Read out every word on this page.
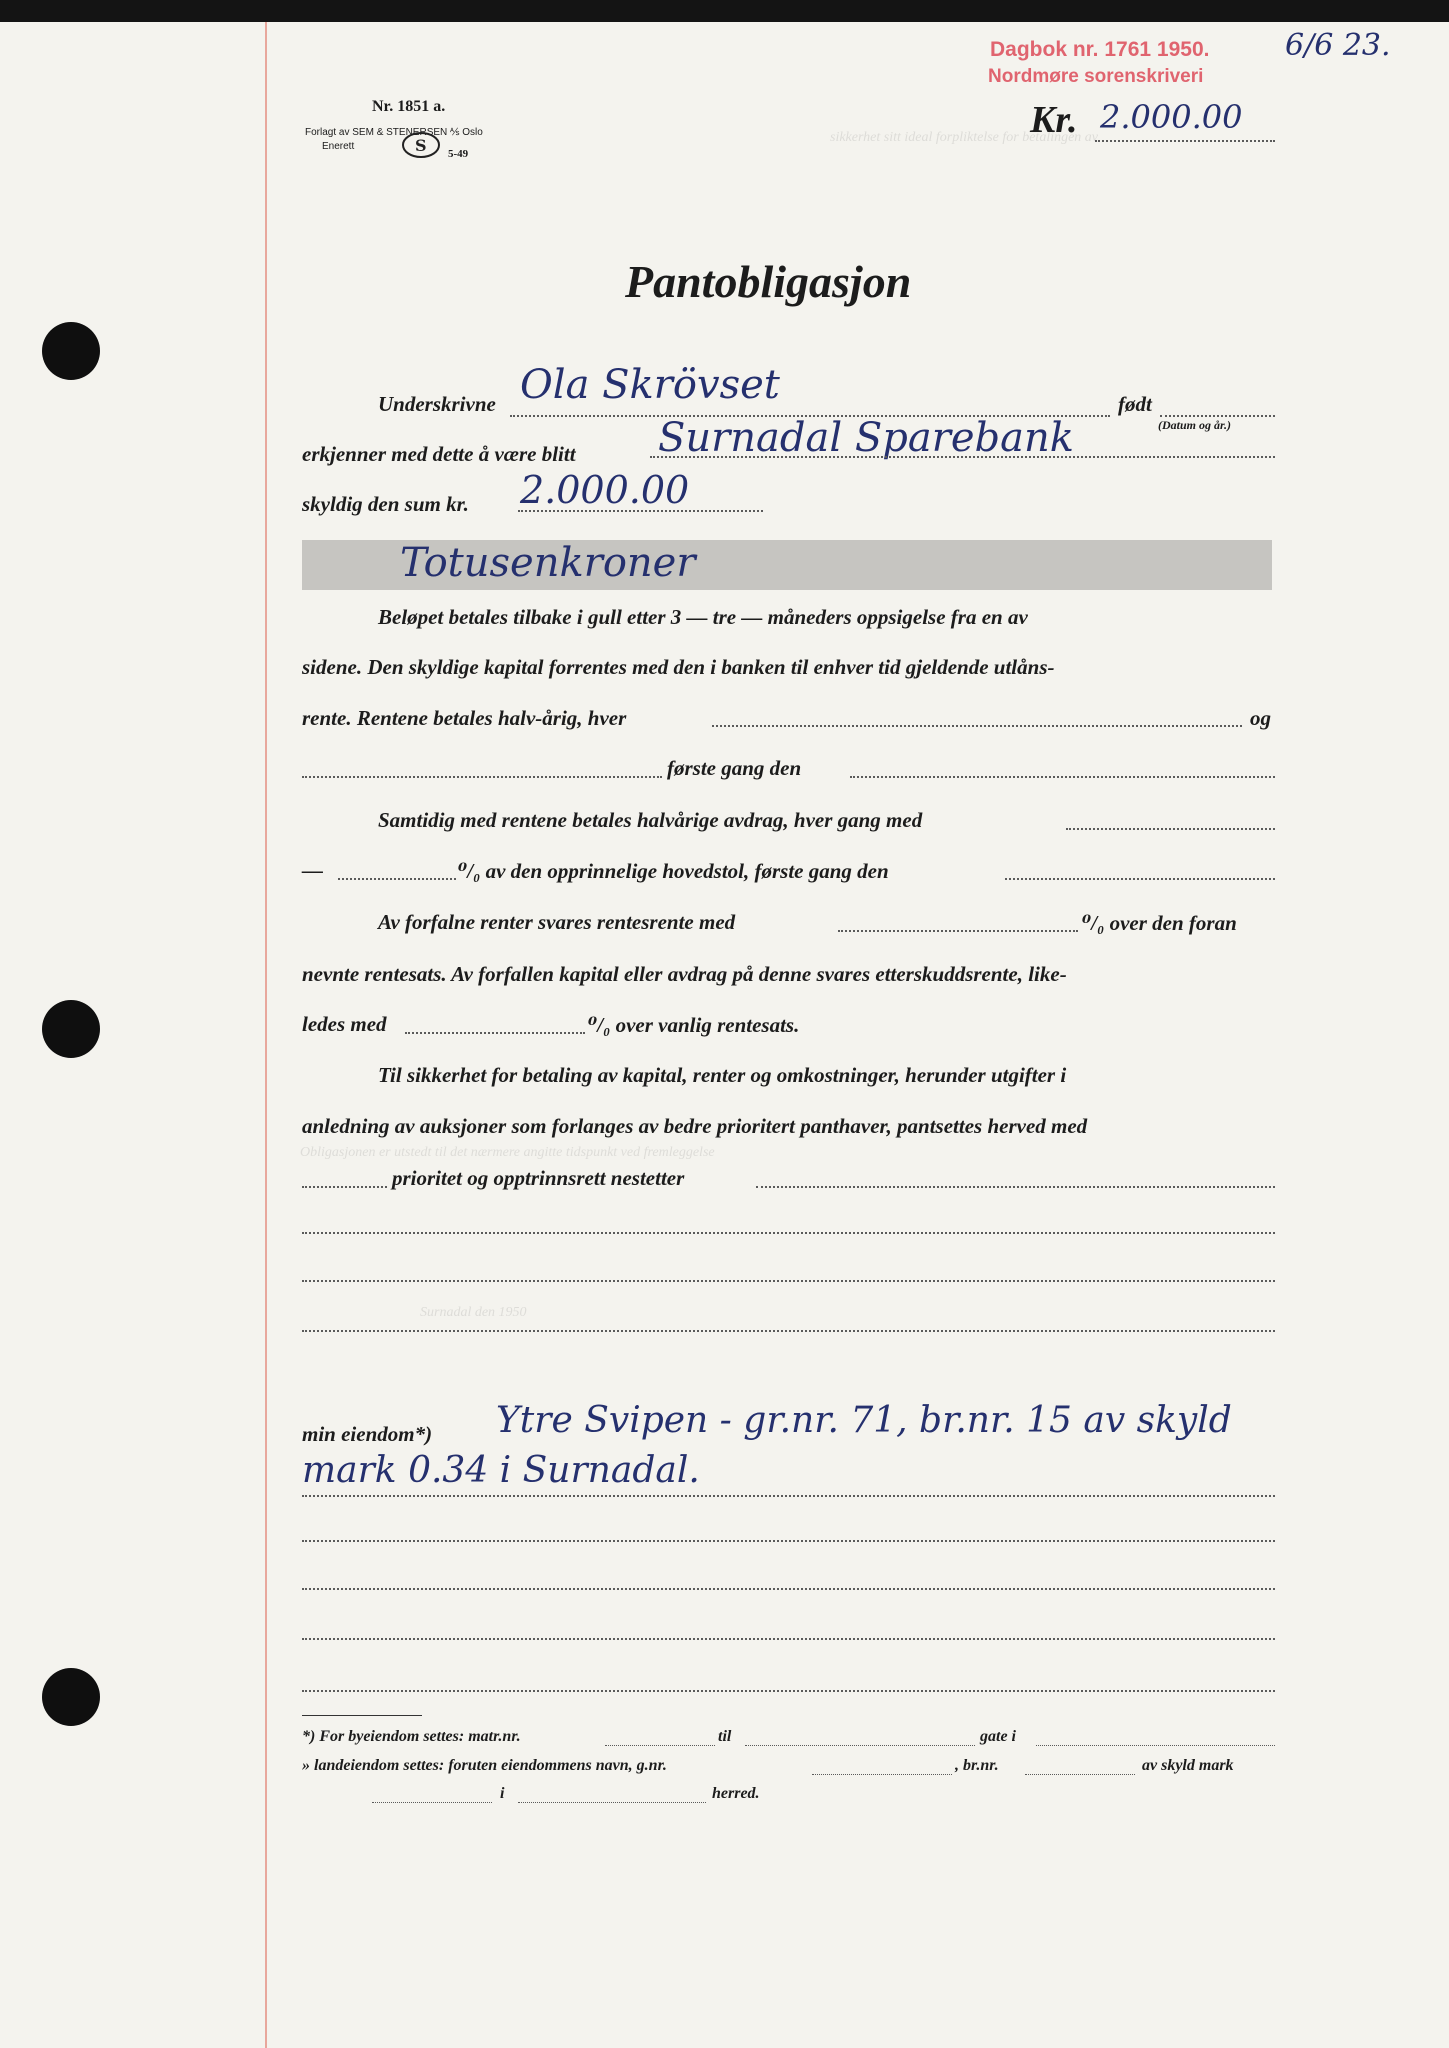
sikkerhet sitt ideal forpliktelse for betalingen av
Obligasjonen er utstedt til det nærmere angitte tidspunkt ved fremleggelse
Surnadal den 1950
Nr. 1851 a.
Forlagt av SEM & STENERSEN ⅍ Oslo
Enerett	S 5-49
Dagbok nr. 1761 1950.
Nordmøre sorenskriveri
6/6 23.
Kr. 2.000.00
Pantobligasjon
Underskrivne Ola Skrövset	født
(Datum og år.)
erkjenner med dette å være blitt Surnadal Sparebank
skyldig den sum kr. 2.000.00
Totusenkroner
Beløpet betales tilbake i gull etter 3 — tre — måneders oppsigelse fra en av
sidene. Den skyldige kapital forrentes med den i banken til enhver tid gjeldende utlåns-
rente. Rentene betales halv-årig, hver	og
første gang den
Samtidig med rentene betales halvårige avdrag, hver gang med
—	⁰/₀ av den opprinnelige hovedstol, første gang den
Av forfalne renter svares rentesrente med	⁰/₀ over den foran
nevnte rentesats. Av forfallen kapital eller avdrag på denne svares etterskuddsrente, like-
ledes med	⁰/₀ over vanlig rentesats.
Til sikkerhet for betaling av kapital, renter og omkostninger, herunder utgifter i
anledning av auksjoner som forlanges av bedre prioritert panthaver, pantsettes herved med
prioritet og opptrinnsrett nestetter
min eiendom*) Ytre Svipen - gr.nr. 71, br.nr. 15 av skyld
mark 0.34 i Surnadal.
*) For byeiendom settes: matr.nr.	til	gate i
» landeiendom settes: foruten eiendommens navn, g.nr.	, br.nr.	av skyld mark
i	herred.
